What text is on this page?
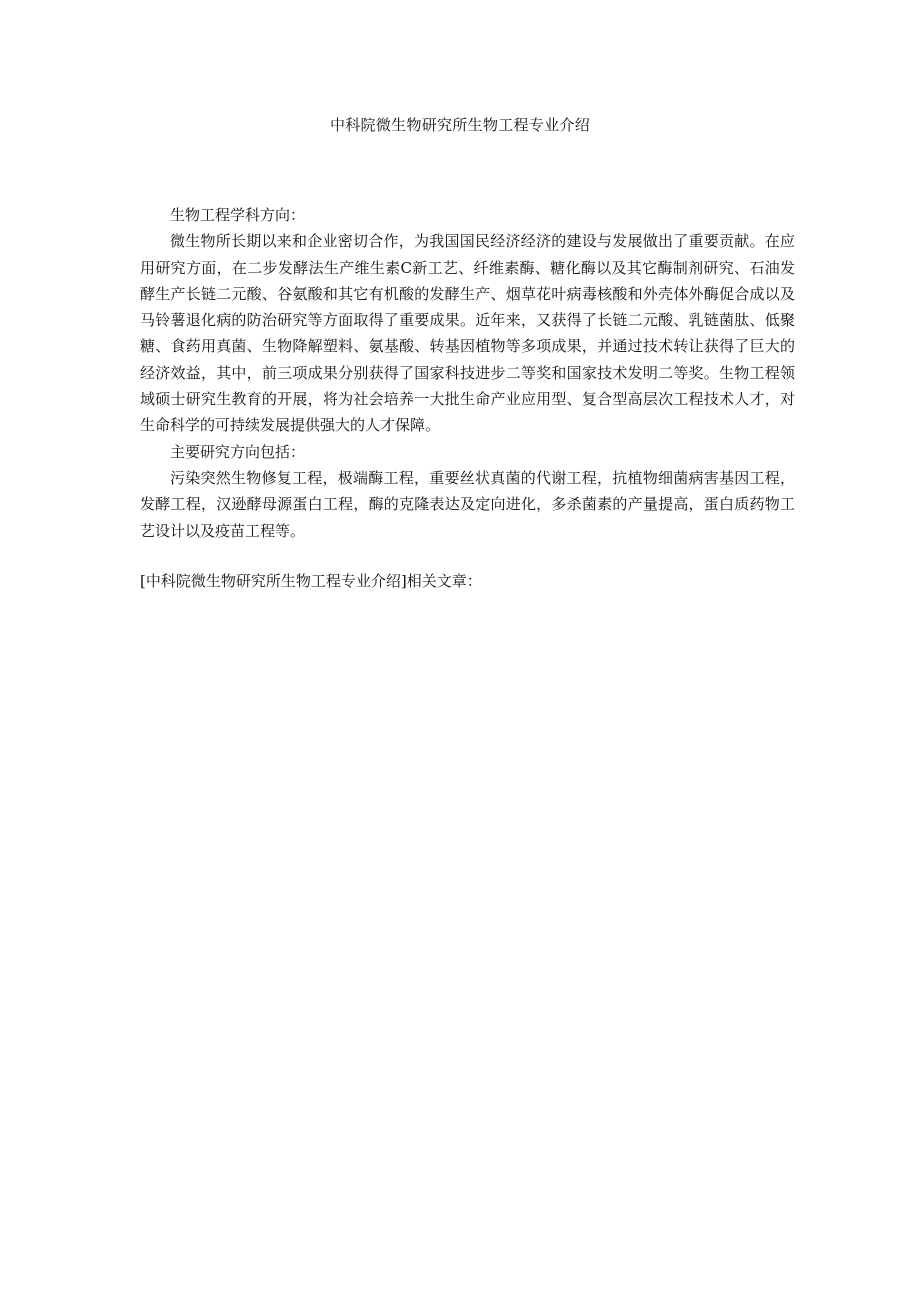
中科院微生物研究所生物工程专业介绍

生物工程学科方向：

微生物所长期以来和企业密切合作，为我国国民经济经济的建设与发展做出了重要贡献。在应用研究方面，在二步发酵法生产维生素C新工艺、纤维素酶、糖化酶以及其它酶制剂研究、石油发酵生产长链二元酸、谷氨酸和其它有机酸的发酵生产、烟草花叶病毒核酸和外壳体外酶促合成以及马铃薯退化病的防治研究等方面取得了重要成果。近年来，又获得了长链二元酸、乳链菌肽、低聚糖、食药用真菌、生物降解塑料、氨基酸、转基因植物等多项成果，并通过技术转让获得了巨大的经济效益，其中，前三项成果分别获得了国家科技进步二等奖和国家技术发明二等奖。生物工程领域硕士研究生教育的开展，将为社会培养一大批生命产业应用型、复合型高层次工程技术人才，对生命科学的可持续发展提供强大的人才保障。

主要研究方向包括：

污染突然生物修复工程，极端酶工程，重要丝状真菌的代谢工程，抗植物细菌病害基因工程，发酵工程，汉逊酵母源蛋白工程，酶的克隆表达及定向进化，多杀菌素的产量提高，蛋白质药物工艺设计以及疫苗工程等。

[中科院微生物研究所生物工程专业介绍]相关文章：
